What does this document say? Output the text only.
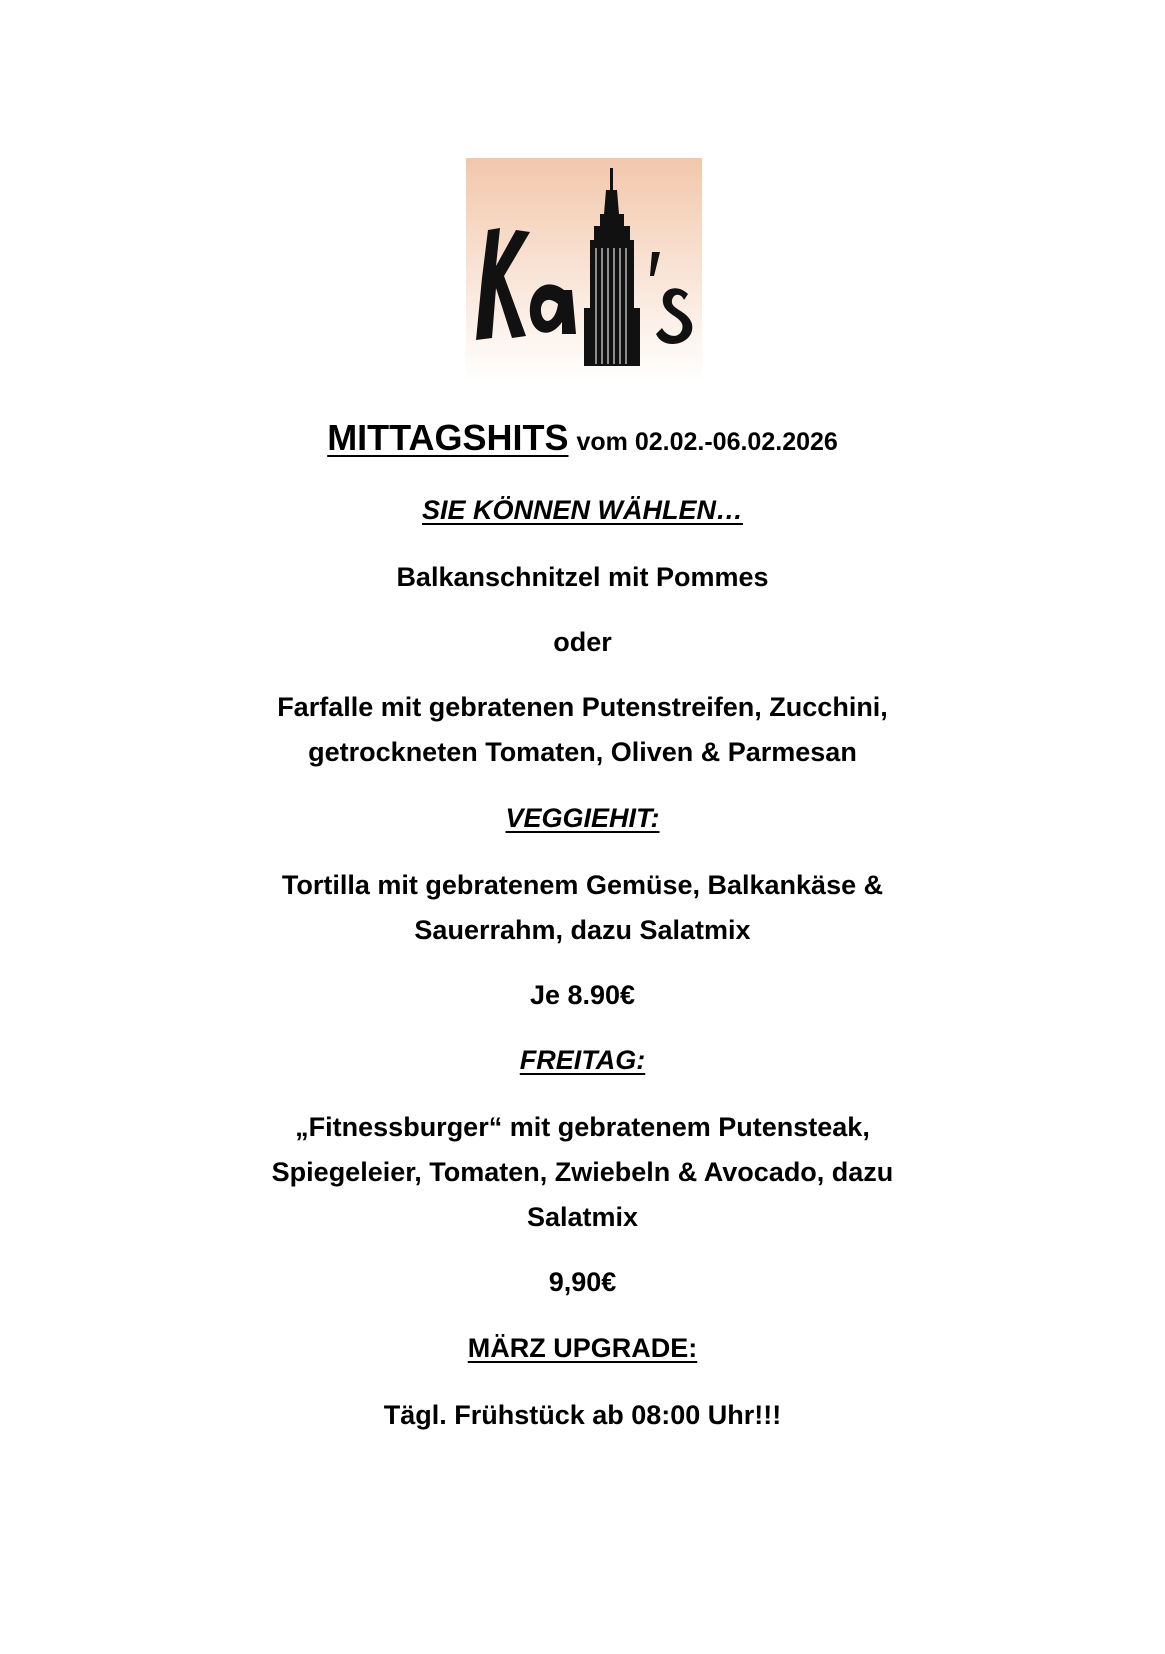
MITTAGSHITS vom 02.02.-06.02.2026
SIE KÖNNEN WÄHLEN…
Balkanschnitzel mit Pommes
oder
Farfalle mit gebratenen Putenstreifen, Zucchini,
getrockneten Tomaten, Oliven & Parmesan
VEGGIEHIT:
Tortilla mit gebratenem Gemüse, Balkankäse &
Sauerrahm, dazu Salatmix
Je 8.90€
FREITAG:
„Fitnessburger“ mit gebratenem Putensteak,
Spiegeleier, Tomaten, Zwiebeln & Avocado, dazu
Salatmix
9,90€
MÄRZ UPGRADE:
Tägl. Frühstück ab 08:00 Uhr!!!
